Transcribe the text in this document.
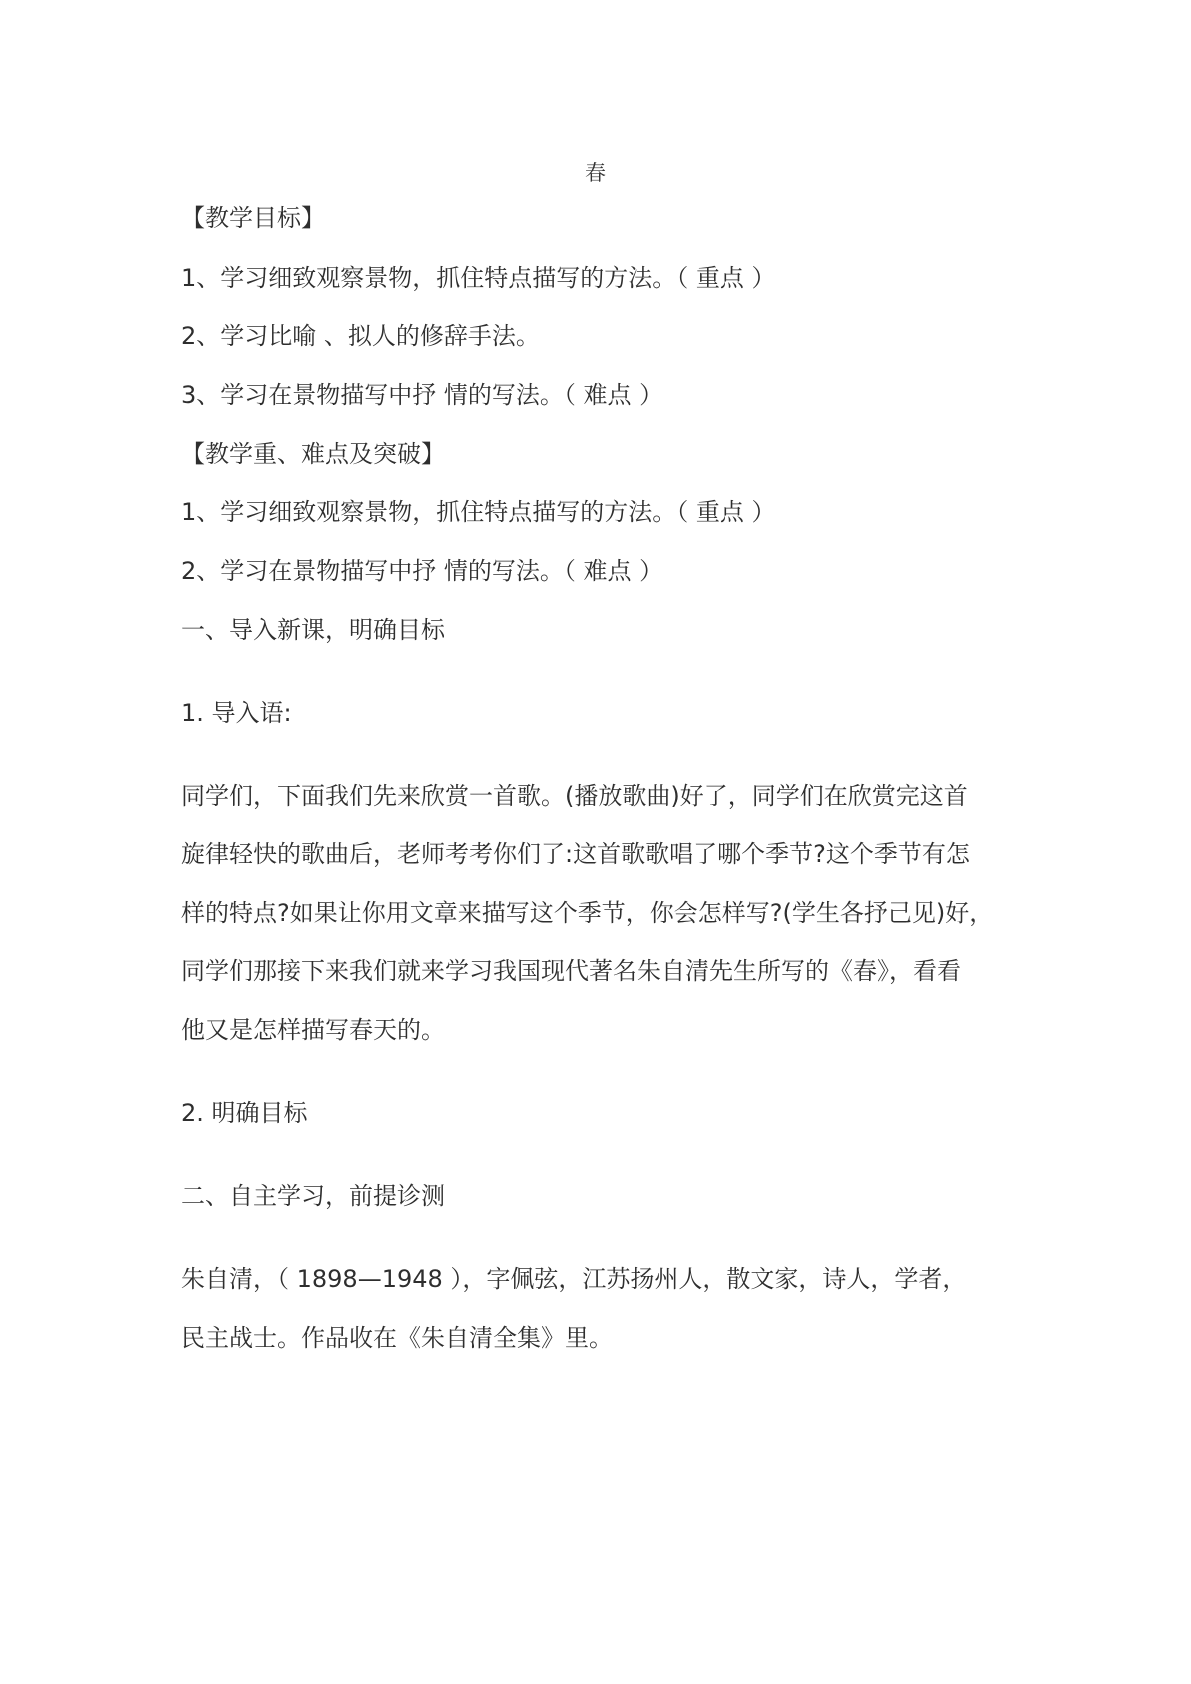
春
【教学目标】
1、学习细致观察景物，抓住特点描写的方法。（ 重点 ）
2、学习比喻 、拟人的修辞手法。
3、学习在景物描写中抒 情的写法。（ 难点 ）
【教学重、难点及突破】
1、学习细致观察景物，抓住特点描写的方法。（ 重点 ）
2、学习在景物描写中抒 情的写法。（ 难点 ）
一、导入新课，明确目标
1. 导入语:
同学们，下面我们先来欣赏一首歌。(播放歌曲)好了，同学们在欣赏完这首
旋律轻快的歌曲后，老师考考你们了:这首歌歌唱了哪个季节?这个季节有怎
样的特点?如果让你用文章来描写这个季节，你会怎样写?(学生各抒己见)好，
同学们那接下来我们就来学习我国现代著名朱自清先生所写的《春》，看看
他又是怎样描写春天的。
2. 明确目标
二、自主学习，前提诊测
朱自清，（ 1898—1948 ），字佩弦，江苏扬州人，散文家，诗人，学者，
民主战士。作品收在《朱自清全集》里。
